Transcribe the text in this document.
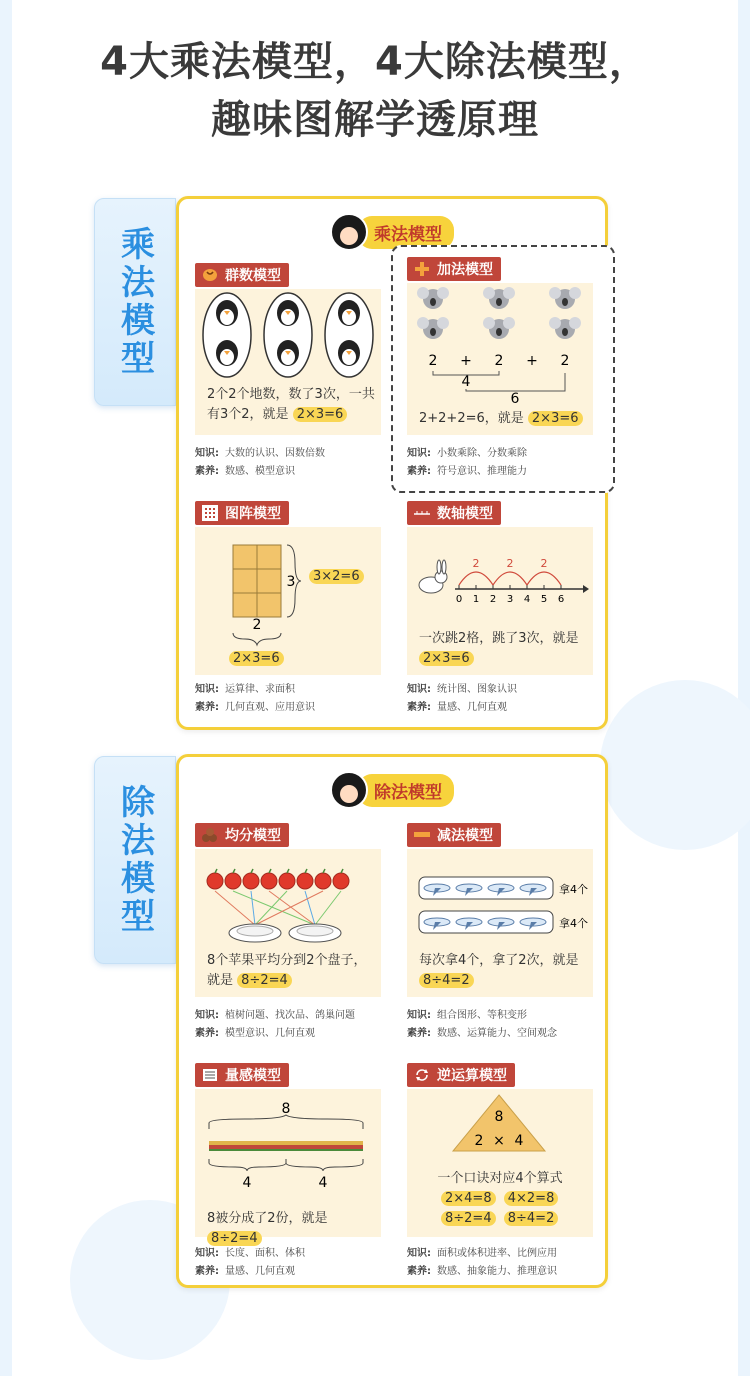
4大乘法模型，4大除法模型，
趣味图解学透原理
乘法模型	乘法模型
群数模型
2个2个地数，数了3次，一共有3个2，就是 2×3=6
知识: 大数的认识、因数倍数
素养: 数感、模型意识
加法模型
2 + 2 + 2
4
6
2+2+2=6，就是 2×3=6
知识: 小数乘除、分数乘除
素养: 符号意识、推理能力
图阵模型
3
2
3×2=6
2×3=6
知识: 运算律、求面积
素养: 几何直观、应用意识
数轴模型
0 1 2 3 4 5 6
2 2 2
一次跳2格，跳了3次，就是 2×3=6
知识: 统计图、图象认识
素养: 量感、几何直观
除法模型	除法模型
均分模型
8个苹果平均分到2个盘子，就是 8÷2=4
知识: 植树问题、找次品、鸽巢问题
素养: 模型意识、几何直观
减法模型
拿4个
拿4个
每次拿4个，拿了2次，就是 8÷4=2
知识: 组合图形、等积变形
素养: 数感、运算能力、空间观念
量感模型
8
4	4
8被分成了2份，就是 8÷2=4
知识: 长度、面积、体积
素养: 量感、几何直观
逆运算模型
8
2 × 4
一个口诀对应4个算式
2×4=8 4×2=8
8÷2=4 8÷4=2
知识: 面积或体积进率、比例应用
素养: 数感、抽象能力、推理意识
